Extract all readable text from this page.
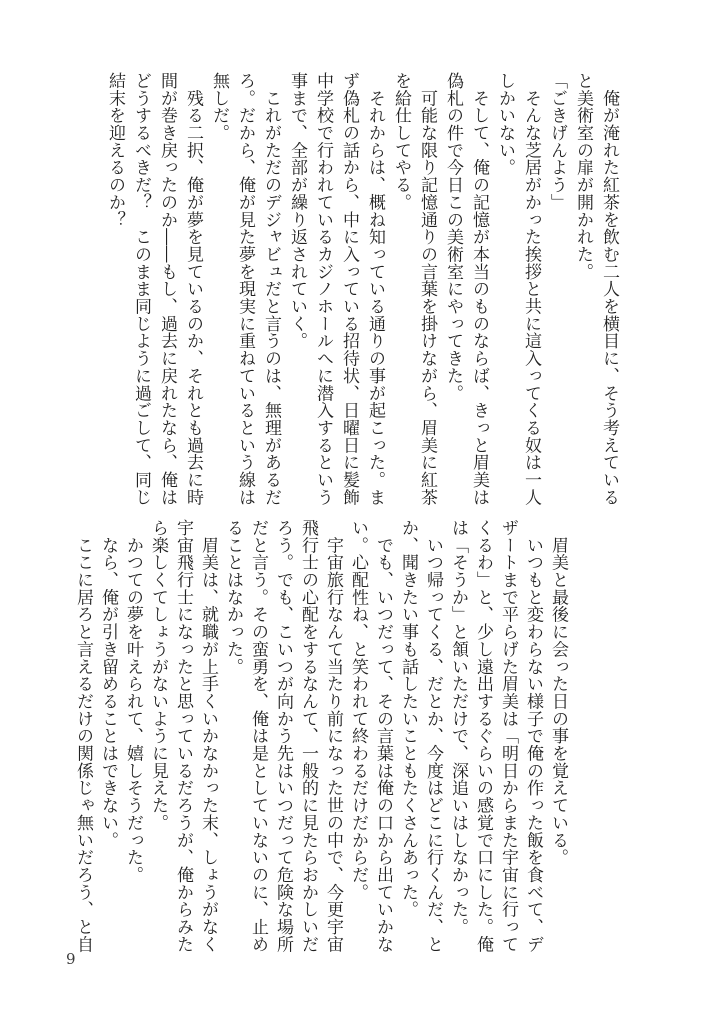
　俺が淹れた紅茶を飲む二人を横目に、そう考えている
と美術室の扉が開かれた。
「ごきげんよう」
　そんな芝居がかった挨拶と共に這入ってくる奴は一人
しかいない。
　そして、俺の記憶が本当のものならば、きっと眉美は
偽札の件で今日この美術室にやってきた。
　可能な限り記憶通りの言葉を掛けながら、眉美に紅茶
を給仕してやる。
　それからは、概ね知っている通りの事が起こった。ま
ず偽札の話から、中に入っている招待状、日曜日に髪飾
中学校で行われているカジノホールへに潜入するという
事まで、全部が繰り返されていく。
　これがただのデジャビュだと言うのは、無理があるだ
ろ。だから、俺が見た夢を現実に重ねているという線は
無しだ。
　残る二択、俺が夢を見ているのか、それとも過去に時
間が巻き戻ったのか――もし、過去に戻れたなら、俺は
どうするべきだ？　このまま同じように過ごして、同じ
結末を迎えるのか？
　眉美と最後に会った日の事を覚えている。
　いつもと変わらない様子で俺の作った飯を食べて、デ
ザートまで平らげた眉美は「明日からまた宇宙に行って
くるわ」と、少し遠出するぐらいの感覚で口にした。俺
は「そうか」と頷いただけで、深追いはしなかった。
　いつ帰ってくる、だとか、今度はどこに行くんだ、と
か、聞きたい事も話したいこともたくさんあった。
　でも、いつだって、その言葉は俺の口から出ていかな
い。心配性ね、と笑われて終わるだけだからだ。
　宇宙旅行なんて当たり前になった世の中で、今更宇宙
飛行士の心配をするなんて、一般的に見たらおかしいだ
ろう。でも、こいつが向かう先はいつだって危険な場所
だと言う。その蛮勇を、俺は是としていないのに、止め
ることはなかった。
　眉美は、就職が上手くいかなかった末、しょうがなく
宇宙飛行士になったと思っているだろうが、俺からみた
ら楽しくてしょうがないように見えた。
　かつての夢を叶えられて、嬉しそうだった。
　なら、俺が引き留めることはできない。
　ここに居ろと言えるだけの関係じゃ無いだろう、と自
9
